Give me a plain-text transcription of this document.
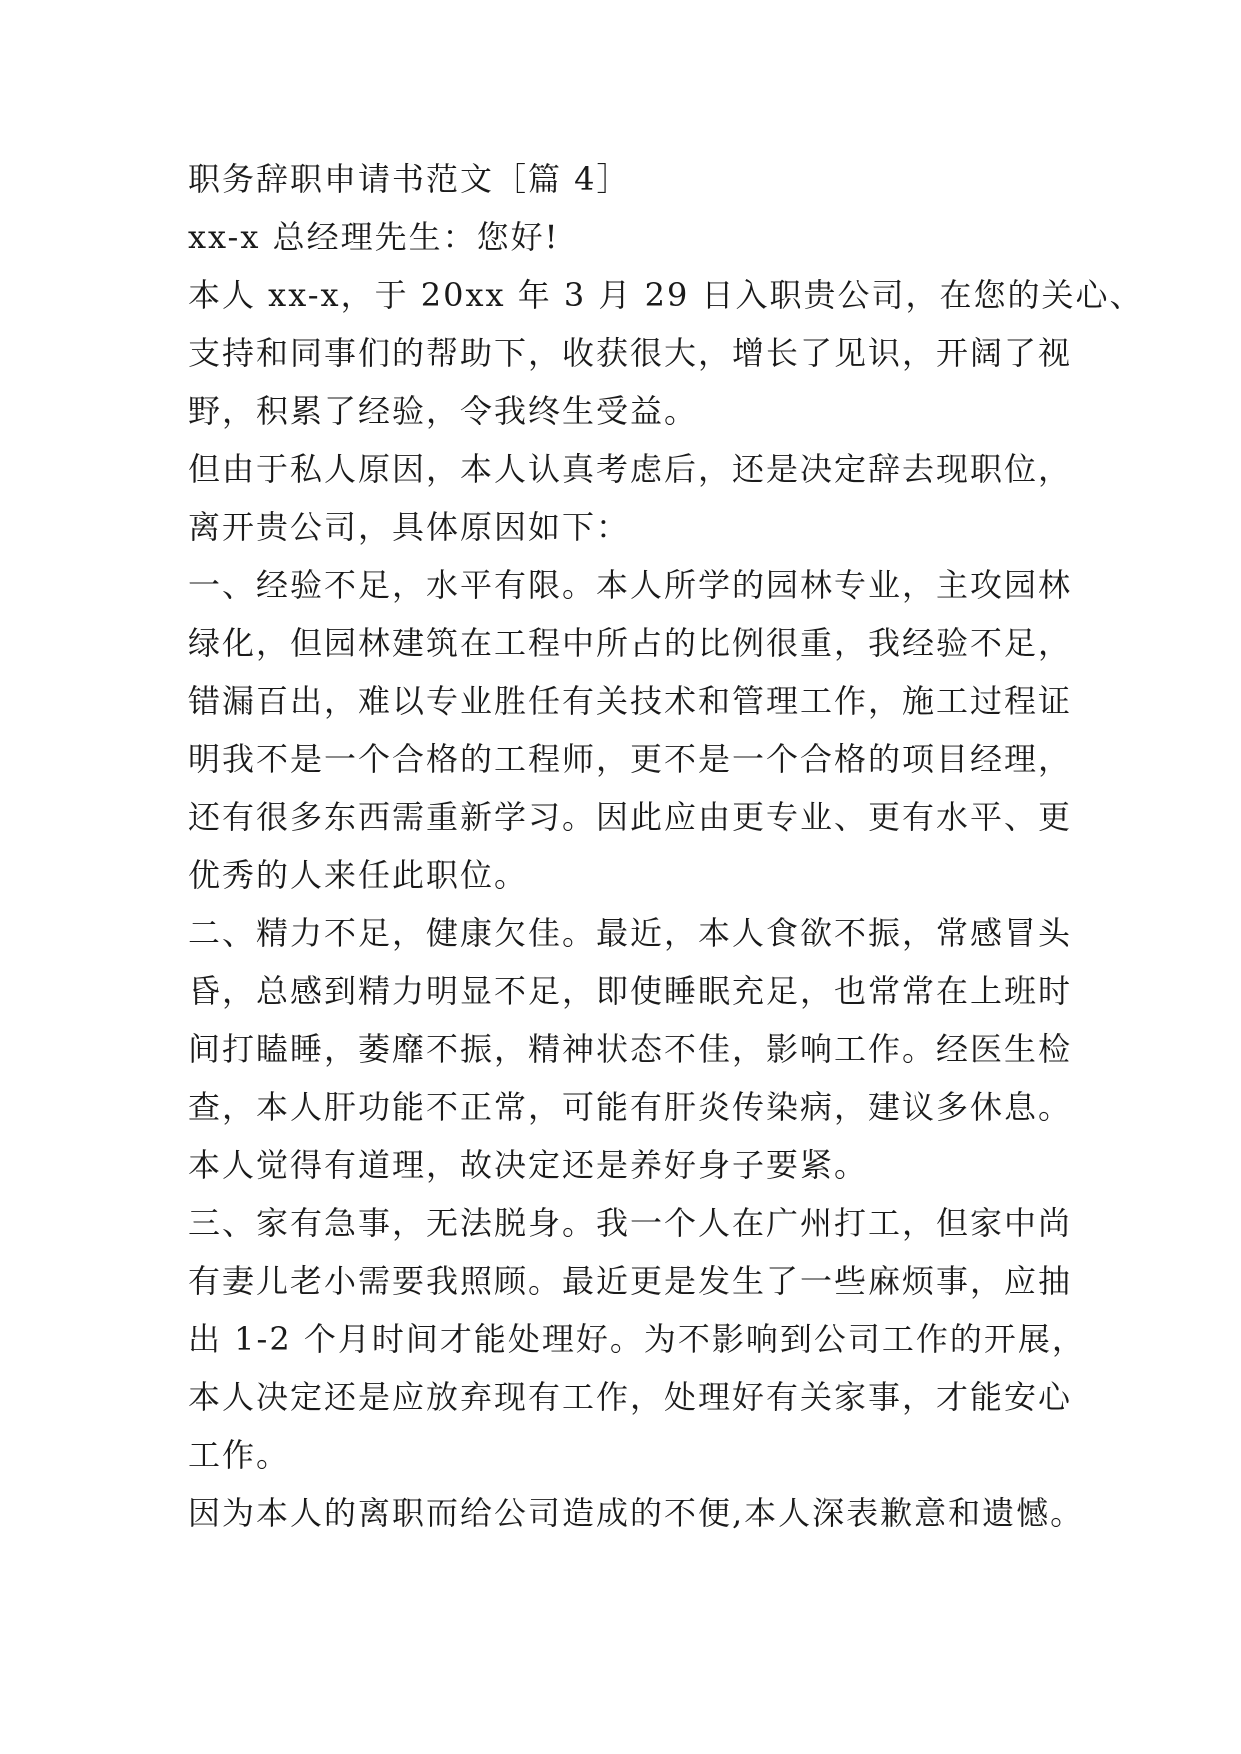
职务辞职申请书范文［篇 4］
xx-x 总经理先生：您好!
本人 xx-x，于 20xx 年 3 月 29 日入职贵公司，在您的关心、
支持和同事们的帮助下，收获很大，增长了见识，开阔了视
野，积累了经验，令我终生受益。
但由于私人原因，本人认真考虑后，还是决定辞去现职位，
离开贵公司，具体原因如下：
一、经验不足，水平有限。本人所学的园林专业，主攻园林
绿化，但园林建筑在工程中所占的比例很重，我经验不足，
错漏百出，难以专业胜任有关技术和管理工作，施工过程证
明我不是一个合格的工程师，更不是一个合格的项目经理，
还有很多东西需重新学习。因此应由更专业、更有水平、更
优秀的人来任此职位。
二、精力不足，健康欠佳。最近，本人食欲不振，常感冒头
昏，总感到精力明显不足，即使睡眠充足，也常常在上班时
间打瞌睡，萎靡不振，精神状态不佳，影响工作。经医生检
查，本人肝功能不正常，可能有肝炎传染病，建议多休息。
本人觉得有道理，故决定还是养好身子要紧。
三、家有急事，无法脱身。我一个人在广州打工，但家中尚
有妻儿老小需要我照顾。最近更是发生了一些麻烦事，应抽
出 1-2 个月时间才能处理好。为不影响到公司工作的开展，
本人决定还是应放弃现有工作，处理好有关家事，才能安心
工作。
因为本人的离职而给公司造成的不便,本人深表歉意和遗憾。
